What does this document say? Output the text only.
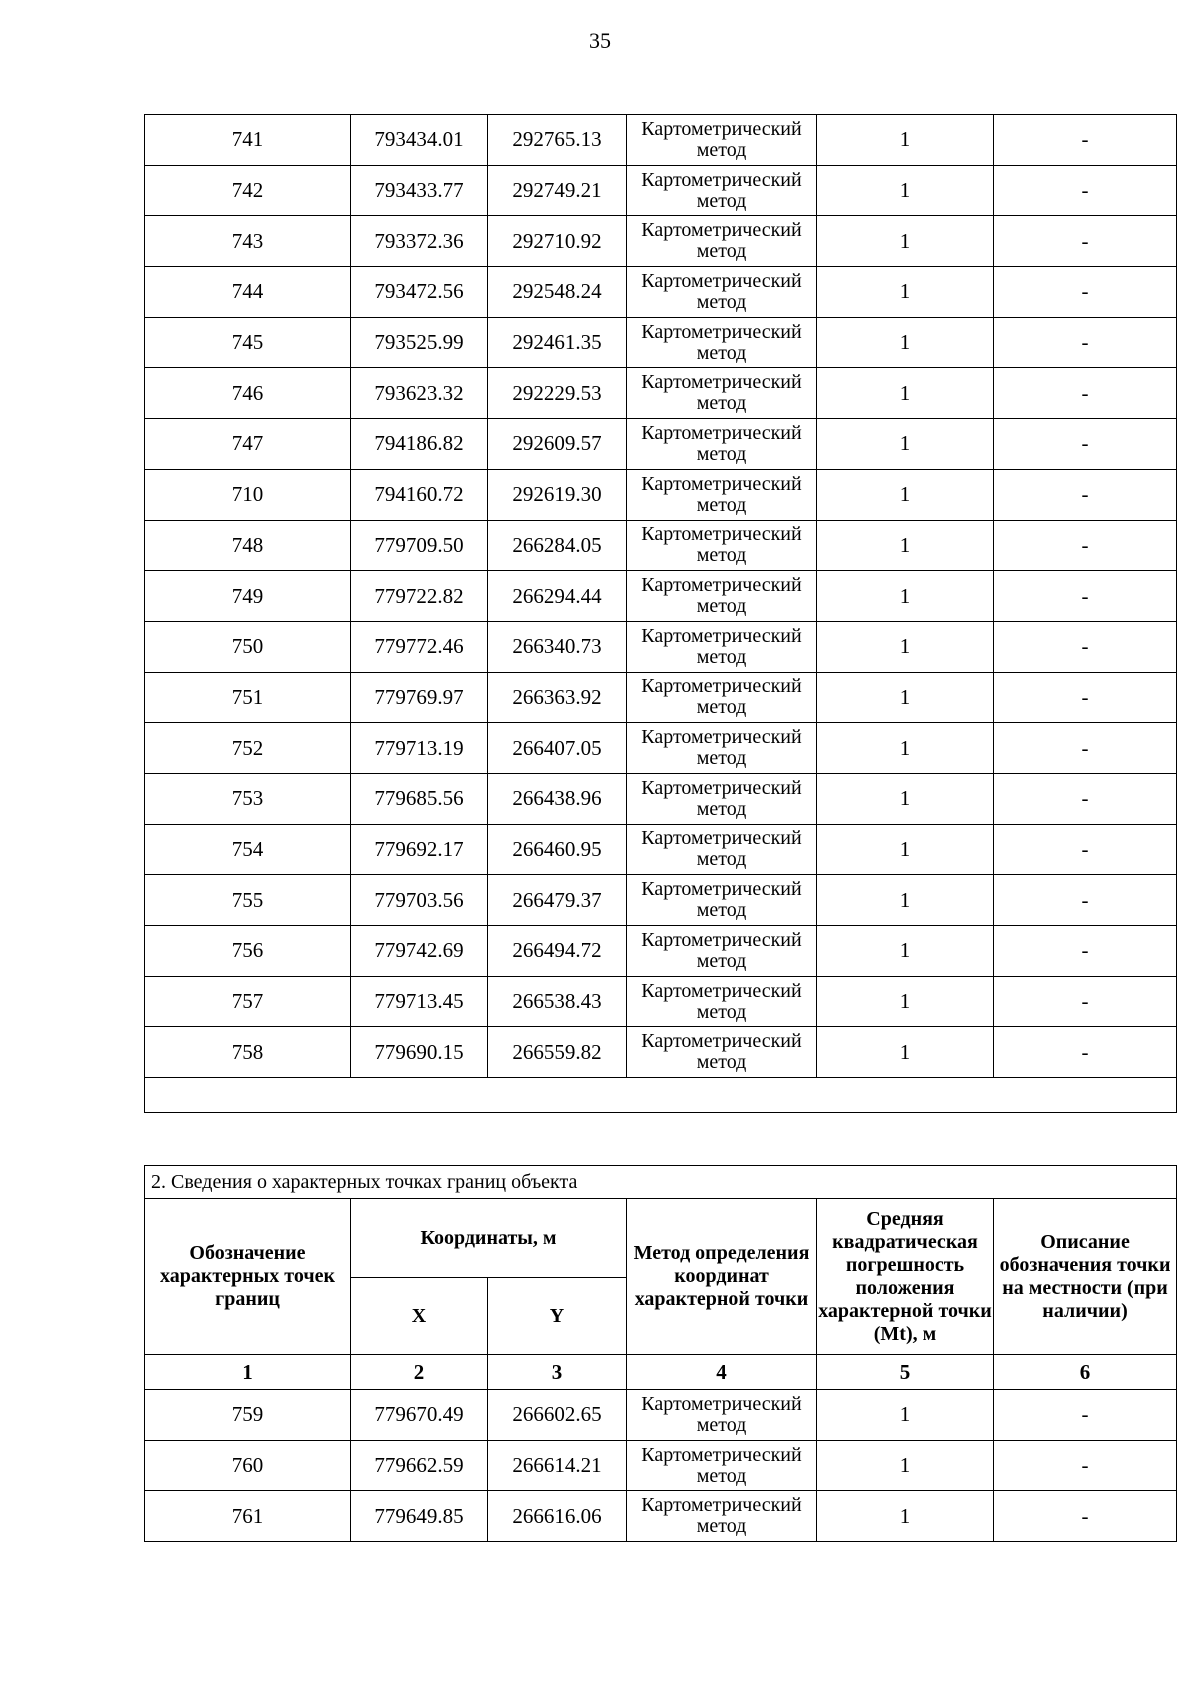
35
741	793434.01	292765.13	Картометрический метод	1	-
742	793433.77	292749.21	Картометрический метод	1	-
743	793372.36	292710.92	Картометрический метод	1	-
744	793472.56	292548.24	Картометрический метод	1	-
745	793525.99	292461.35	Картометрический метод	1	-
746	793623.32	292229.53	Картометрический метод	1	-
747	794186.82	292609.57	Картометрический метод	1	-
710	794160.72	292619.30	Картометрический метод	1	-
748	779709.50	266284.05	Картометрический метод	1	-
749	779722.82	266294.44	Картометрический метод	1	-
750	779772.46	266340.73	Картометрический метод	1	-
751	779769.97	266363.92	Картометрический метод	1	-
752	779713.19	266407.05	Картометрический метод	1	-
753	779685.56	266438.96	Картометрический метод	1	-
754	779692.17	266460.95	Картометрический метод	1	-
755	779703.56	266479.37	Картометрический метод	1	-
756	779742.69	266494.72	Картометрический метод	1	-
757	779713.45	266538.43	Картометрический метод	1	-
758	779690.15	266559.82	Картометрический метод	1	-

2. Сведения о характерных точках границ объекта					
Обозначение характерных точек границ	Координаты, м		Метод определения координат характерной точки	Средняя квадратическая погрешность положения характерной точки (Mt), м	Описание обозначения точки на местности (при наличии)
	X	Y			
1	2	3	4	5	6
759	779670.49	266602.65	Картометрический метод	1	-
760	779662.59	266614.21	Картометрический метод	1	-
761	779649.85	266616.06	Картометрический метод	1	-
